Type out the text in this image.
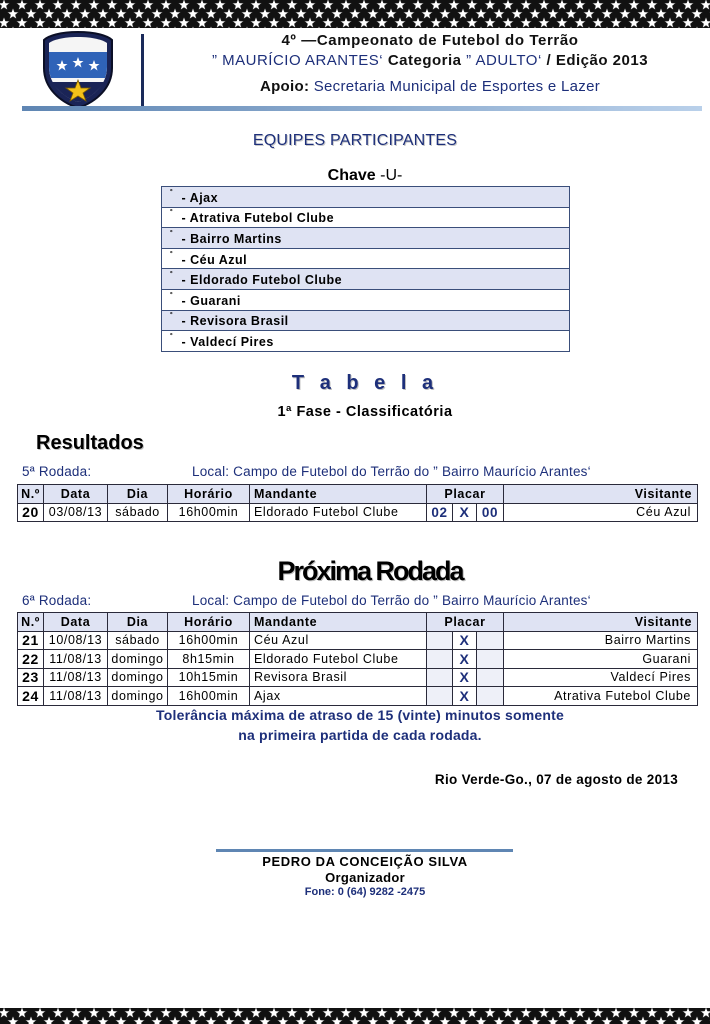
4º —Campeonato de Futebol do Terrão
” MAURÍCIO ARANTES‘ Categoria ” ADULTO‘ / Edição 2013
Apoio: Secretaria Municipal de Esportes e Lazer
EQUIPES PARTICIPANTES
Chave -U-
˚ - Ajax
˚ - Atrativa Futebol Clube
˚ - Bairro Martins
˚ - Céu Azul
˚ - Eldorado Futebol Clube
˚ - Guarani
˚ - Revisora Brasil
˚ - Valdecí Pires
T a b e l a
1ª Fase - Classificatória
Resultados
5ª Rodada:	Local: Campo de Futebol do Terrão do ” Bairro Maurício Arantes‘
N.º	Data	Dia	Horário	Mandante	Placar			Visitante
20	03/08/13	sábado	16h00min	Eldorado Futebol Clube	02	X	00	Céu Azul
Próxima Rodada
6ª Rodada:	Local: Campo de Futebol do Terrão do ” Bairro Maurício Arantes‘
N.º	Data	Dia	Horário	Mandante	Placar			Visitante
21	10/08/13	sábado	16h00min	Céu Azul		X		Bairro Martins
22	11/08/13	domingo	8h15min	Eldorado Futebol Clube		X		Guarani
23	11/08/13	domingo	10h15min	Revisora Brasil		X		Valdecí Pires
24	11/08/13	domingo	16h00min	Ajax		X		Atrativa Futebol Clube
Tolerância máxima de atraso de 15 (vinte) minutos somente
na primeira partida de cada rodada.
Rio Verde-Go., 07 de agosto de 2013
PEDRO DA CONCEIÇÃO SILVA
Organizador
Fone: 0 (64) 9282 -2475
